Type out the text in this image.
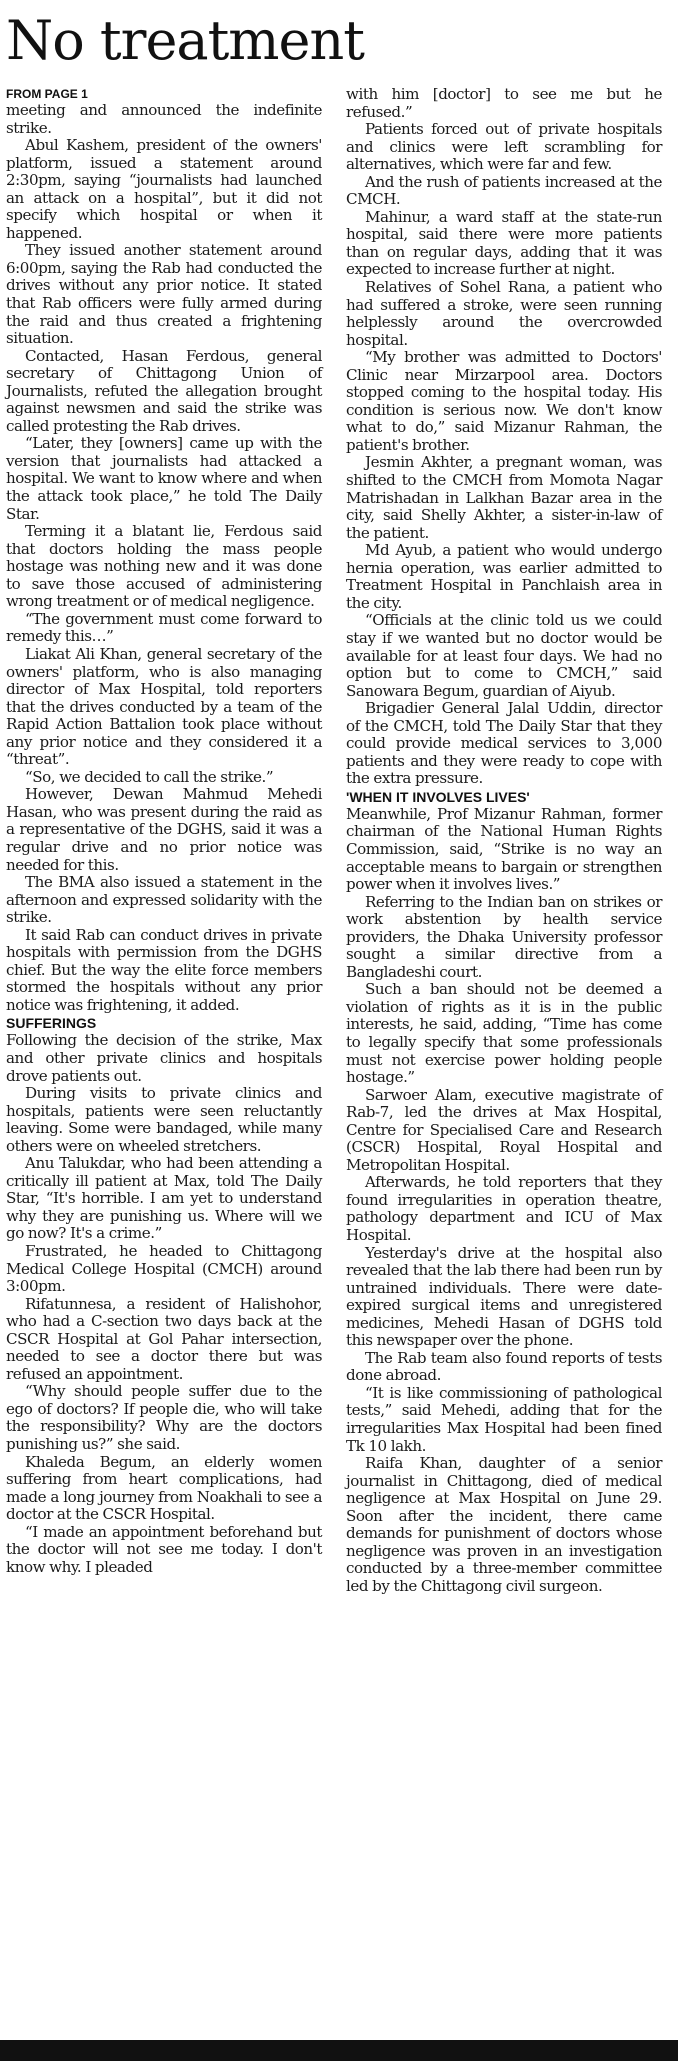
No treatment
FROM PAGE 1

meeting and announced the indefinite strike.

Abul Kashem, president of the owners' platform, issued a statement around 2:30pm, saying “journalists had launched an attack on a hospital”, but it did not specify which hospital or when it happened.

They issued another statement around 6:00pm, saying the Rab had conducted the drives without any prior notice. It stated that Rab officers were fully armed during the raid and thus created a frightening situation.

Contacted, Hasan Ferdous, general secretary of Chittagong Union of Journalists, refuted the allegation brought against newsmen and said the strike was called protesting the Rab drives.

“Later, they [owners] came up with the version that journalists had attacked a hospital. We want to know where and when the attack took place,” he told The Daily Star.

Terming it a blatant lie, Ferdous said that doctors holding the mass people hostage was nothing new and it was done to save those accused of administering wrong treatment or of medical negligence.

“The government must come forward to remedy this…”

Liakat Ali Khan, general secretary of the owners' platform, who is also managing director of Max Hospital, told reporters that the drives conducted by a team of the Rapid Action Battalion took place without any prior notice and they considered it a “threat”.

“So, we decided to call the strike.”

However, Dewan Mahmud Mehedi Hasan, who was present during the raid as a representative of the DGHS, said it was a regular drive and no prior notice was needed for this.

The BMA also issued a statement in the afternoon and expressed solidarity with the strike.

It said Rab can conduct drives in private hospitals with permission from the DGHS chief. But the way the elite force members stormed the hospitals without any prior notice was frightening, it added.

SUFFERINGS

Following the decision of the strike, Max and other private clinics and hospitals drove patients out.

During visits to private clinics and hospitals, patients were seen reluctantly leaving. Some were bandaged, while many others were on wheeled stretchers.

Anu Talukdar, who had been attending a critically ill patient at Max, told The Daily Star, “It's horrible. I am yet to understand why they are punishing us. Where will we go now? It's a crime.”

Frustrated, he headed to Chittagong Medical College Hospital (CMCH) around 3:00pm.

Rifatunnesa, a resident of Halishohor, who had a C-section two days back at the CSCR Hospital at Gol Pahar intersection, needed to see a doctor there but was refused an appointment.

“Why should people suffer due to the ego of doctors? If people die, who will take the responsibility? Why are the doctors punishing us?” she said.

Khaleda Begum, an elderly women suffering from heart complications, had made a long journey from Noakhali to see a doctor at the CSCR Hospital.

“I made an appointment beforehand but the doctor will not see me today. I don't know why. I pleaded

with him [doctor] to see me but he refused.”

Patients forced out of private hospitals and clinics were left scrambling for alternatives, which were far and few.

And the rush of patients increased at the CMCH.

Mahinur, a ward staff at the state-run hospital, said there were more patients than on regular days, adding that it was expected to increase further at night.

Relatives of Sohel Rana, a patient who had suffered a stroke, were seen running helplessly around the overcrowded hospital.

“My brother was admitted to Doctors' Clinic near Mirzarpool area. Doctors stopped coming to the hospital today. His condition is serious now. We don't know what to do,” said Mizanur Rahman, the patient's brother.

Jesmin Akhter, a pregnant woman, was shifted to the CMCH from Momota Nagar Matrishadan in Lalkhan Bazar area in the city, said Shelly Akhter, a sister-in-law of the patient.

Md Ayub, a patient who would undergo hernia operation, was earlier admitted to Treatment Hospital in Panchlaish area in the city.

“Officials at the clinic told us we could stay if we wanted but no doctor would be available for at least four days. We had no option but to come to CMCH,” said Sanowara Begum, guardian of Aiyub.

Brigadier General Jalal Uddin, director of the CMCH, told The Daily Star that they could provide medical services to 3,000 patients and they were ready to cope with the extra pressure.

'WHEN IT INVOLVES LIVES'

Meanwhile, Prof Mizanur Rahman, former chairman of the National Human Rights Commission, said, “Strike is no way an acceptable means to bargain or strengthen power when it involves lives.”

Referring to the Indian ban on strikes or work abstention by health service providers, the Dhaka University professor sought a similar directive from a Bangladeshi court.

Such a ban should not be deemed a violation of rights as it is in the public interests, he said, adding, “Time has come to legally specify that some professionals must not exercise power holding people hostage.”

Sarwoer Alam, executive magistrate of Rab-7, led the drives at Max Hospital, Centre for Specialised Care and Research (CSCR) Hospital, Royal Hospital and Metropolitan Hospital.

Afterwards, he told reporters that they found irregularities in operation theatre, pathology department and ICU of Max Hospital.

Yesterday's drive at the hospital also revealed that the lab there had been run by untrained individuals. There were date-expired surgical items and unregistered medicines, Mehedi Hasan of DGHS told this newspaper over the phone.

The Rab team also found reports of tests done abroad.

“It is like commissioning of pathological tests,” said Mehedi, adding that for the irregularities Max Hospital had been fined Tk 10 lakh.

Raifa Khan, daughter of a senior journalist in Chittagong, died of medical negligence at Max Hospital on June 29. Soon after the incident, there came demands for punishment of doctors whose negligence was proven in an investigation conducted by a three-member committee led by the Chittagong civil surgeon.
